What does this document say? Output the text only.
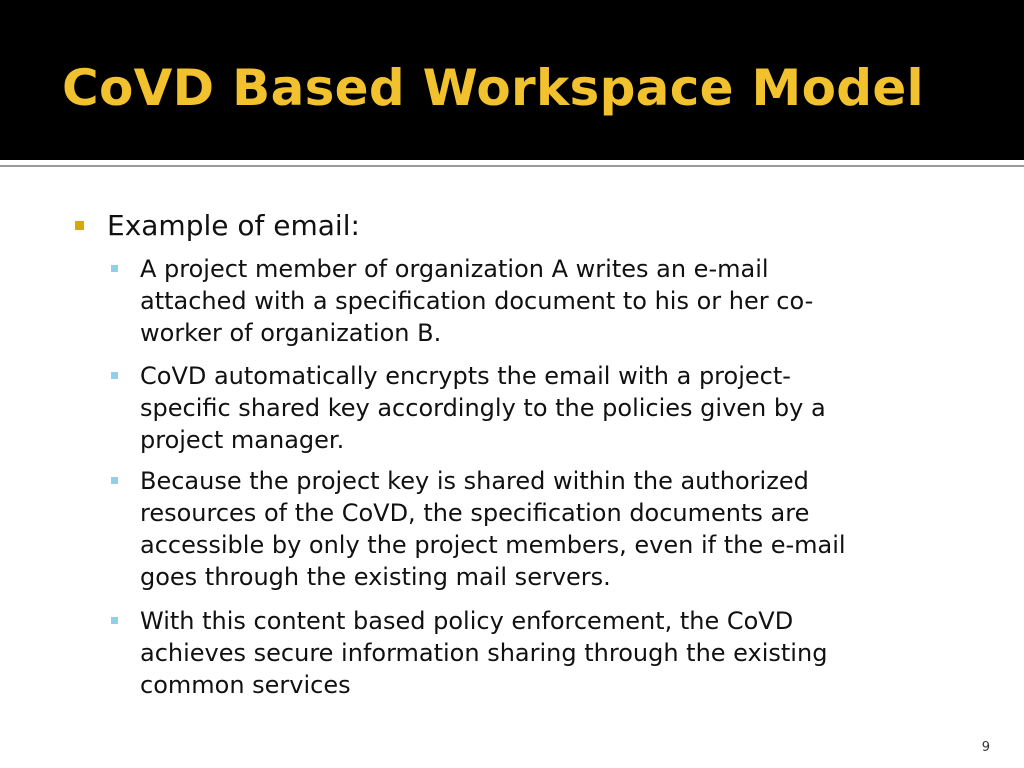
CoVD Based Workspace Model
Example of email:
A project member of organization A writes an e-mail
attached with a specification document to his or her co-
worker of organization B.
CoVD automatically encrypts the email with a project-
specific shared key accordingly to the policies given by a
project manager.
Because the project key is shared within the authorized
resources of the CoVD, the specification documents are
accessible by only the project members, even if the e-mail
goes through the existing mail servers.
With this content based policy enforcement, the CoVD
achieves secure information sharing through the existing
common services
9
